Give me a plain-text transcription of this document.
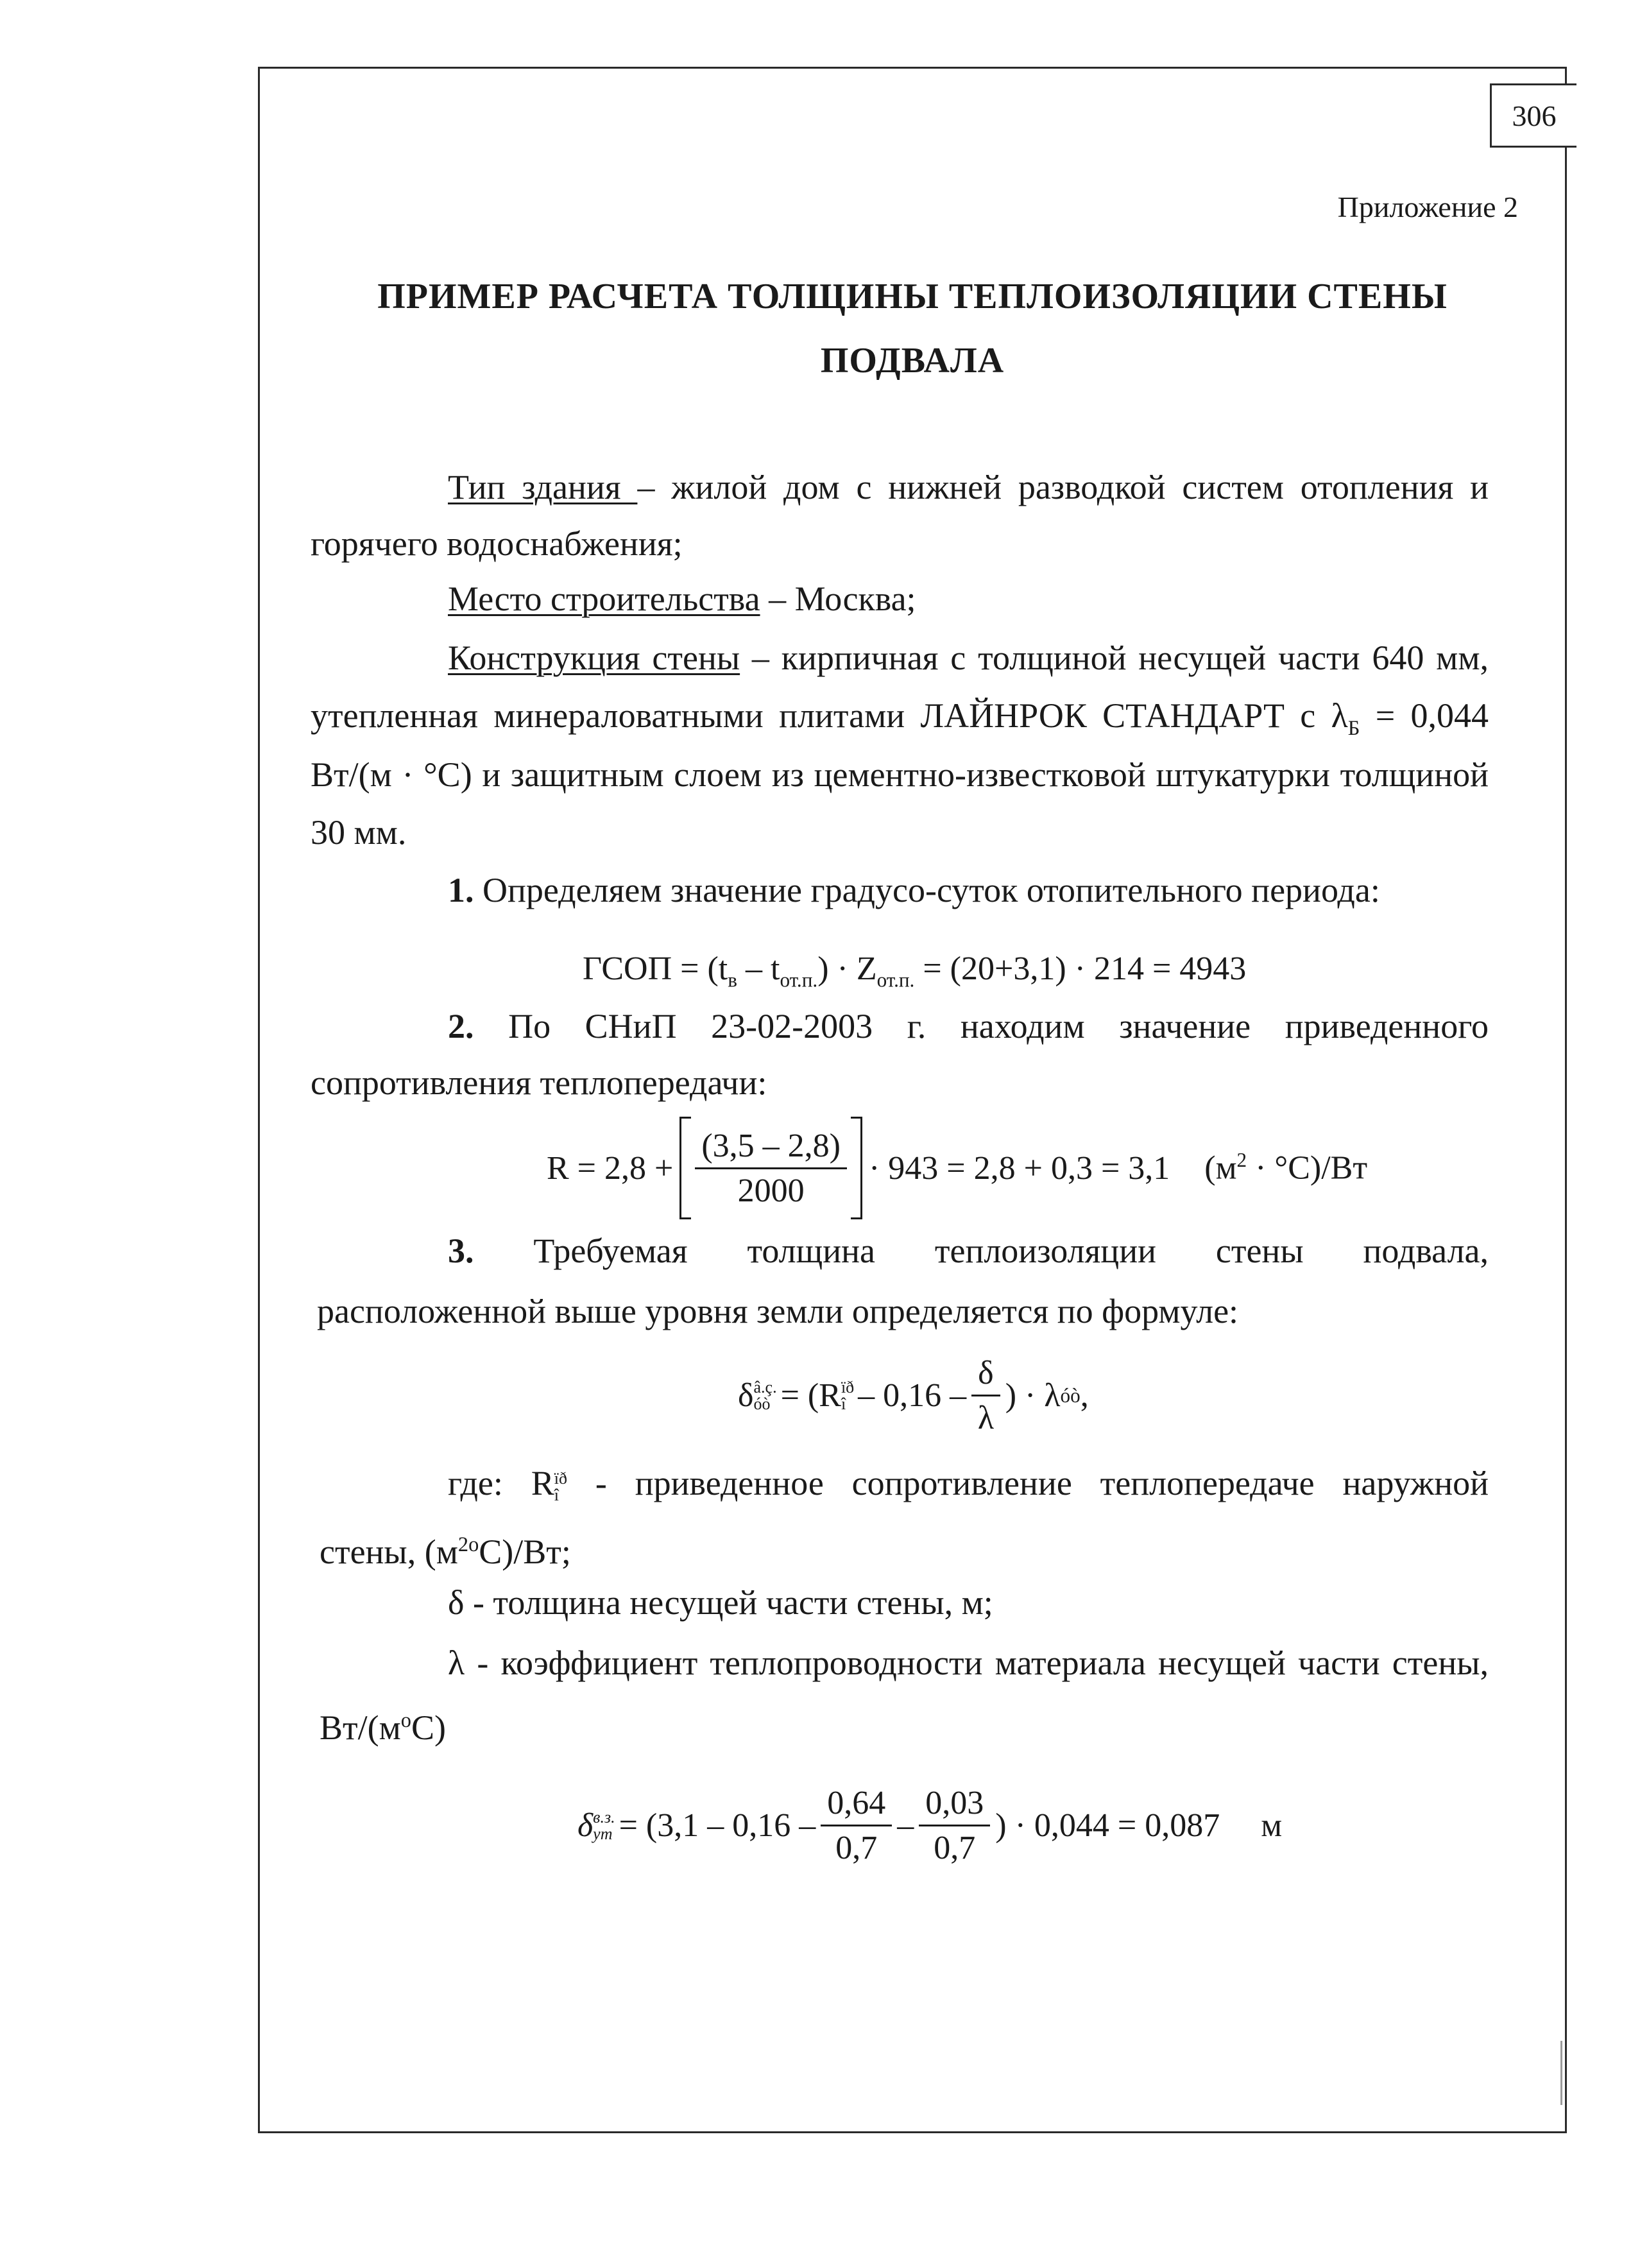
306
Приложение 2
ПРИМЕР РАСЧЕТА ТОЛЩИНЫ ТЕПЛОИЗОЛЯЦИИ СТЕНЫ
ПОДВАЛА
Тип здания – жилой дом с нижней разводкой систем отопления и
горячего водоснабжения;
Место строительства – Москва;
Конструкция стены – кирпичная с толщиной несущей части 640 мм,
утепленная минераловатными плитами ЛАЙНРОК СТАНДАРТ с $\lambda_Б = 0,044$
Вт/(м · °С) и защитным слоем из цементно-известковой штукатурки толщиной
30 мм.
1. Определяем значение градусо-суток отопительного периода:
ГСОП = $(t_в - t_{от.п.}) \cdot Z_{от.п.} = (20+3,1) \cdot 214 = 4943$
2. По СНиП 23-02-2003 г. находим значение приведенного
сопротивления теплопередачи:
$R = 2,8 + \frac{(3,5 - 2,8)}{2000} \cdot 943 = 2,8 + 0,3 = 3,1$ $(м^2 \cdot ^\circ С)/Вт$
3. Требуемая толщина теплоизоляции стены подвала,
расположенной выше уровня земли определяется по формуле:
δ â.ç.
óò = (R ïð
î – $0,16 - \frac{\delta}{\lambda}$ ) · λ óò ,
где: R ïð
î - приведенное сопротивление теплопередаче наружной
стены, $(м^{2о}С)/Вт$;
δ - толщина несущей части стены, м;
λ - коэффициент теплопроводности материала несущей части стены,
$Вт/(м^оС)$
δ в.з.
ут = ($3,1 - 0,16 - \frac{0,64}{0,7} - \frac{0,03}{0,7}$ ) · 0,044 = 0,087 м
